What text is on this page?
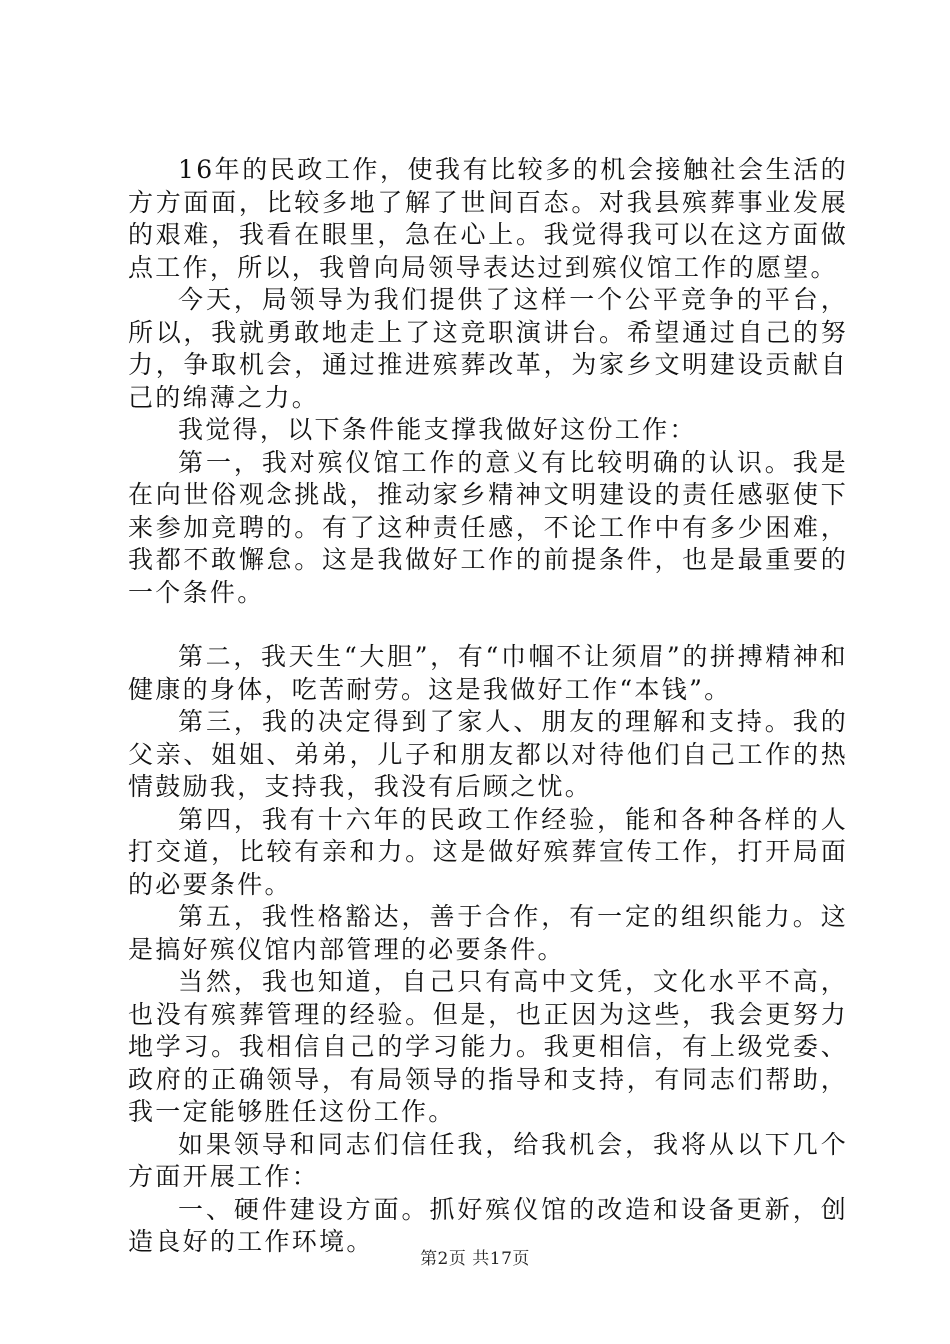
16年的民政工作，使我有比较多的机会接触社会生活的方方面面，比较多地了解了世间百态。对我县殡葬事业发展的艰难，我看在眼里，急在心上。我觉得我可以在这方面做点工作，所以，我曾向局领导表达过到殡仪馆工作的愿望。

今天，局领导为我们提供了这样一个公平竞争的平台，所以，我就勇敢地走上了这竞职演讲台。希望通过自己的努力，争取机会，通过推进殡葬改革，为家乡文明建设贡献自己的绵薄之力。

我觉得，以下条件能支撑我做好这份工作：

第一，我对殡仪馆工作的意义有比较明确的认识。我是在向世俗观念挑战，推动家乡精神文明建设的责任感驱使下来参加竞聘的。有了这种责任感，不论工作中有多少困难，我都不敢懈怠。这是我做好工作的前提条件，也是最重要的一个条件。

第二，我天生“大胆”，有“巾帼不让须眉”的拼搏精神和健康的身体，吃苦耐劳。这是我做好工作“本钱”。

第三，我的决定得到了家人、朋友的理解和支持。我的父亲、姐姐、弟弟，儿子和朋友都以对待他们自己工作的热情鼓励我，支持我，我没有后顾之忧。

第四，我有十六年的民政工作经验，能和各种各样的人打交道，比较有亲和力。这是做好殡葬宣传工作，打开局面的必要条件。

第五，我性格豁达，善于合作，有一定的组织能力。这是搞好殡仪馆内部管理的必要条件。

当然，我也知道，自己只有高中文凭，文化水平不高，也没有殡葬管理的经验。但是，也正因为这些，我会更努力地学习。我相信自己的学习能力。我更相信，有上级党委、政府的正确领导，有局领导的指导和支持，有同志们帮助，我一定能够胜任这份工作。

如果领导和同志们信任我，给我机会，我将从以下几个方面开展工作：

一、硬件建设方面。抓好殡仪馆的改造和设备更新，创造良好的工作环境。

第2页 共17页
